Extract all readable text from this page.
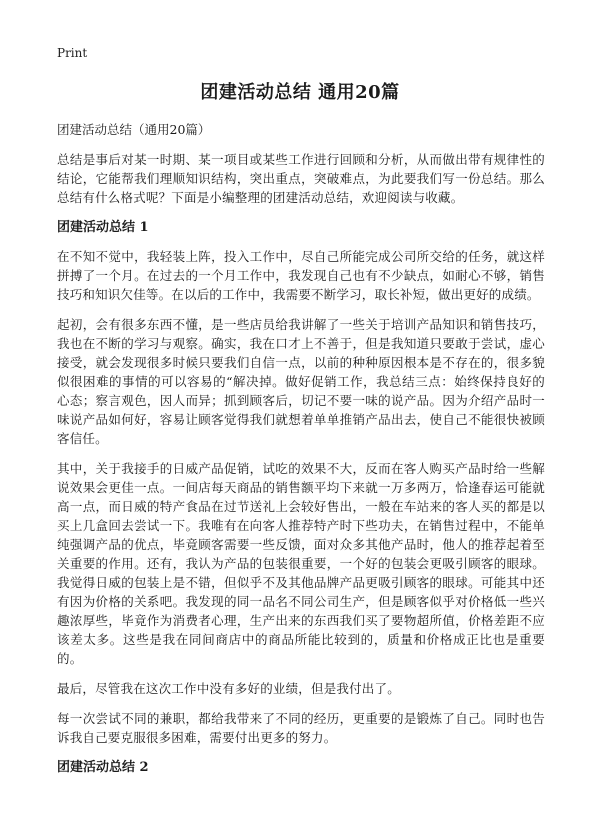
Print
团建活动总结 通用20篇

团建活动总结（通用20篇）

总结是事后对某一时期、某一项目或某些工作进行回顾和分析，从而做出带有规律性的结论，它能帮我们理顺知识结构，突出重点，突破难点，为此要我们写一份总结。那么总结有什么格式呢？下面是小编整理的团建活动总结，欢迎阅读与收藏。

团建活动总结 1

在不知不觉中，我轻装上阵，投入工作中，尽自己所能完成公司所交给的任务，就这样拼搏了一个月。在过去的一个月工作中，我发现自己也有不少缺点，如耐心不够，销售技巧和知识欠佳等。在以后的工作中，我需要不断学习，取长补短，做出更好的成绩。

起初，会有很多东西不懂，是一些店员给我讲解了一些关于培训产品知识和销售技巧，我也在不断的学习与观察。确实，我在口才上不善于，但是我知道只要敢于尝试，虚心接受，就会发现很多时候只要我们自信一点，以前的种种原因根本是不存在的，很多貌似很困难的事情的可以容易的“解决掉。做好促销工作，我总结三点：始终保持良好的心态；察言观色，因人而异；抓到顾客后，切记不要一味的说产品。因为介绍产品时一味说产品如何好，容易让顾客觉得我们就想着单单推销产品出去，使自己不能很快被顾客信任。

其中，关于我接手的日威产品促销，试吃的效果不大，反而在客人购买产品时给一些解说效果会更佳一点。一间店每天商品的销售额平均下来就一万多两万，恰逢春运可能就高一点，而日威的特产食品在过节送礼上会较好售出，一般在车站来的客人买的都是以买上几盒回去尝试一下。我唯有在向客人推荐特产时下些功夫，在销售过程中，不能单纯强调产品的优点，毕竟顾客需要一些反馈，面对众多其他产品时，他人的推荐起着至关重要的作用。还有，我认为产品的包装很重要，一个好的包装会更吸引顾客的眼球。我觉得日威的包装上是不错，但似乎不及其他品牌产品更吸引顾客的眼球。可能其中还有因为价格的关系吧。我发现的同一品名不同公司生产，但是顾客似乎对价格低一些兴趣浓厚些，毕竟作为消费者心理，生产出来的东西我们买了要物超所值，价格差距不应该差太多。这些是我在同间商店中的商品所能比较到的，质量和价格成正比也是重要的。

最后，尽管我在这次工作中没有多好的业绩，但是我付出了。

每一次尝试不同的兼职，都给我带来了不同的经历，更重要的是锻炼了自己。同时也告诉我自己要克服很多困难，需要付出更多的努力。

团建活动总结 2
